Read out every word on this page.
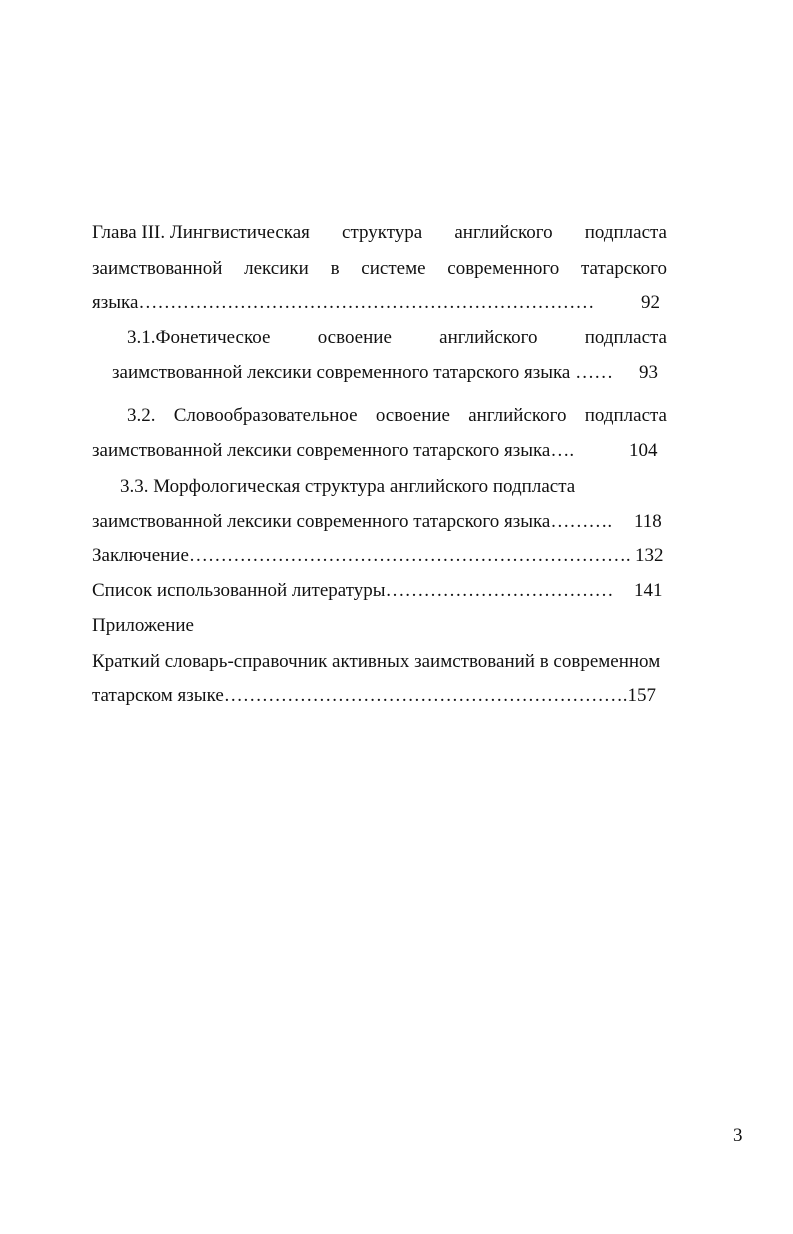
Глава III. Лингвистическая структура английского подпласта
заимствованной лексики в системе современного татарского
языка……………………………………………………………… 92
3.1.Фонетическое освоение английского подпласта
заимствованной лексики современного татарского языка …… 93
3.2. Словообразовательное освоение английского подпласта
заимствованной лексики современного татарского языка….	104
3.3. Морфологическая структура английского подпласта
заимствованной лексики современного татарского языка………. 118
Заключение……………………………………………………………. 132
Список использованной литературы……………………………… 141
Приложение
Краткий словарь-справочник активных заимствований в современном
татарском языке……………………………………………………….157
3
